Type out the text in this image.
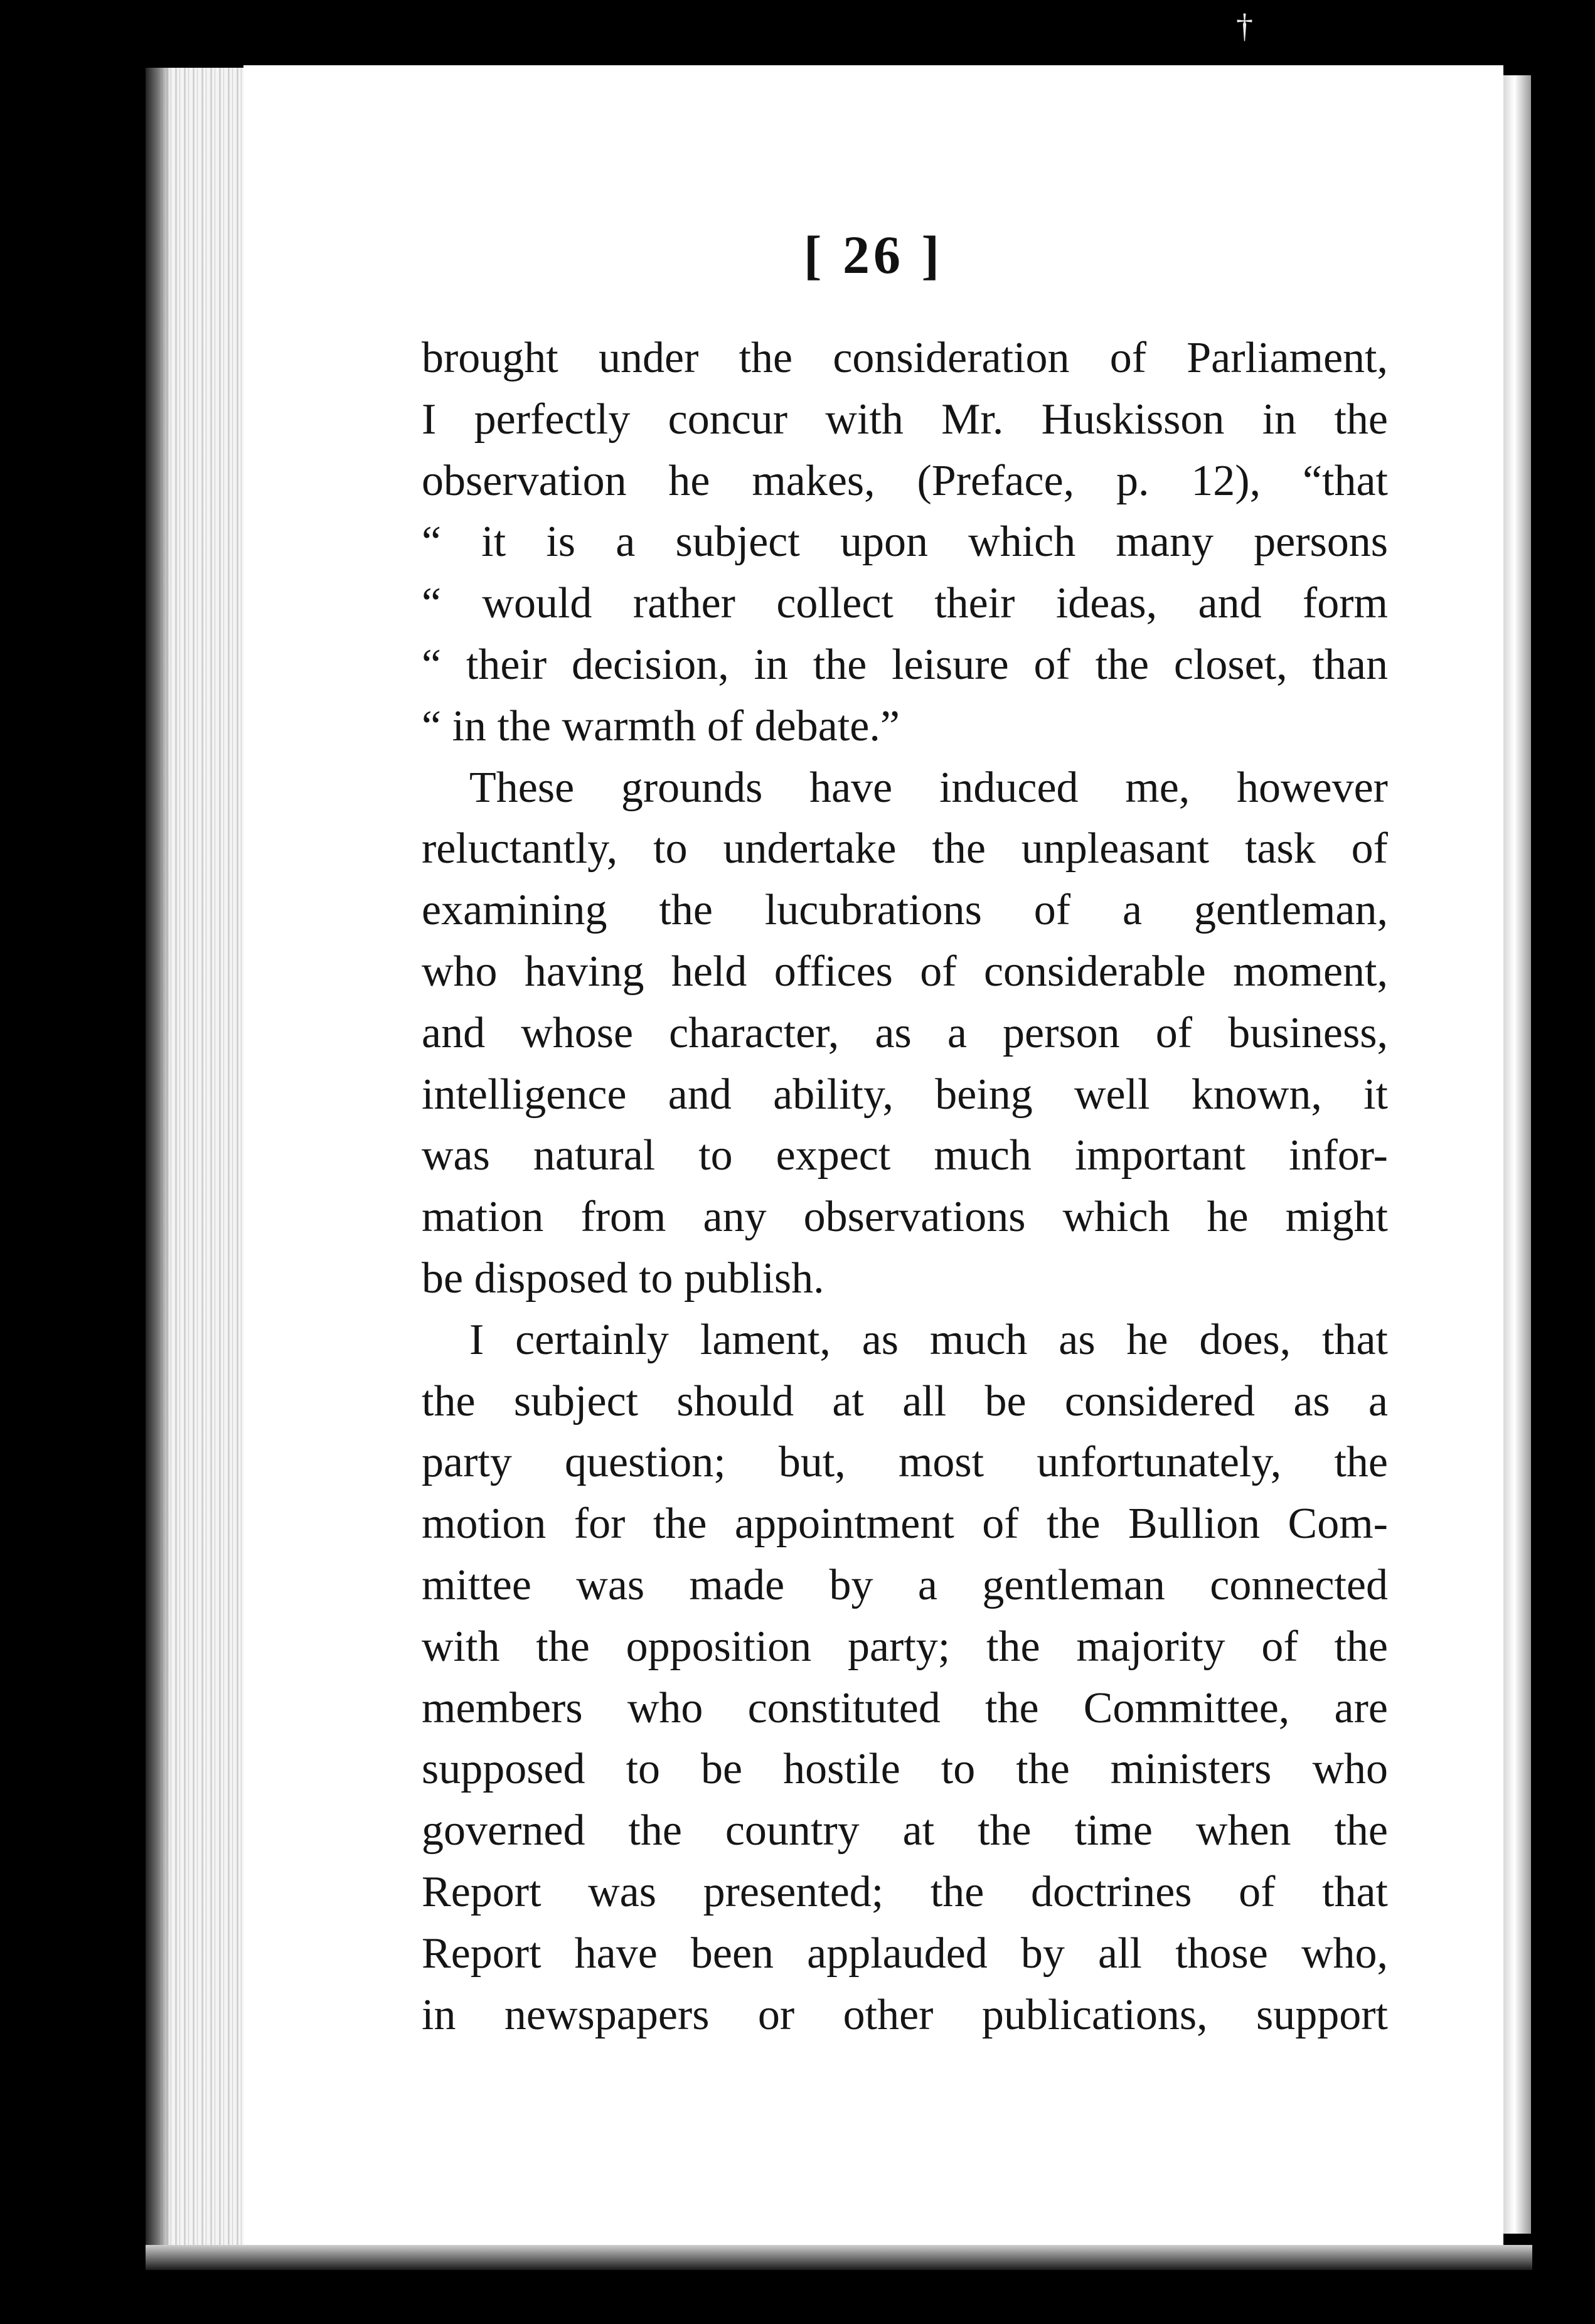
†
[ 26 ]
brought under the consideration of Parliament,
I perfectly concur with Mr. Huskisson in the
observation he makes, (Preface, p. 12), “that
“ it is a subject upon which many persons
“ would rather collect their ideas, and form
“ their decision, in the leisure of the closet, than
“ in the warmth of debate.”
These grounds have induced me, however
reluctantly, to undertake the unpleasant task of
examining the lucubrations of a gentleman,
who having held offices of considerable moment,
and whose character, as a person of business,
intelligence and ability, being well known, it
was natural to expect much important infor-
mation from any observations which he might
be disposed to publish.
I certainly lament, as much as he does, that
the subject should at all be considered as a
party question; but, most unfortunately, the
motion for the appointment of the Bullion Com-
mittee was made by a gentleman connected
with the opposition party; the majority of the
members who constituted the Committee, are
supposed to be hostile to the ministers who
governed the country at the time when the
Report was presented; the doctrines of that
Report have been applauded by all those who,
in newspapers or other publications, support
